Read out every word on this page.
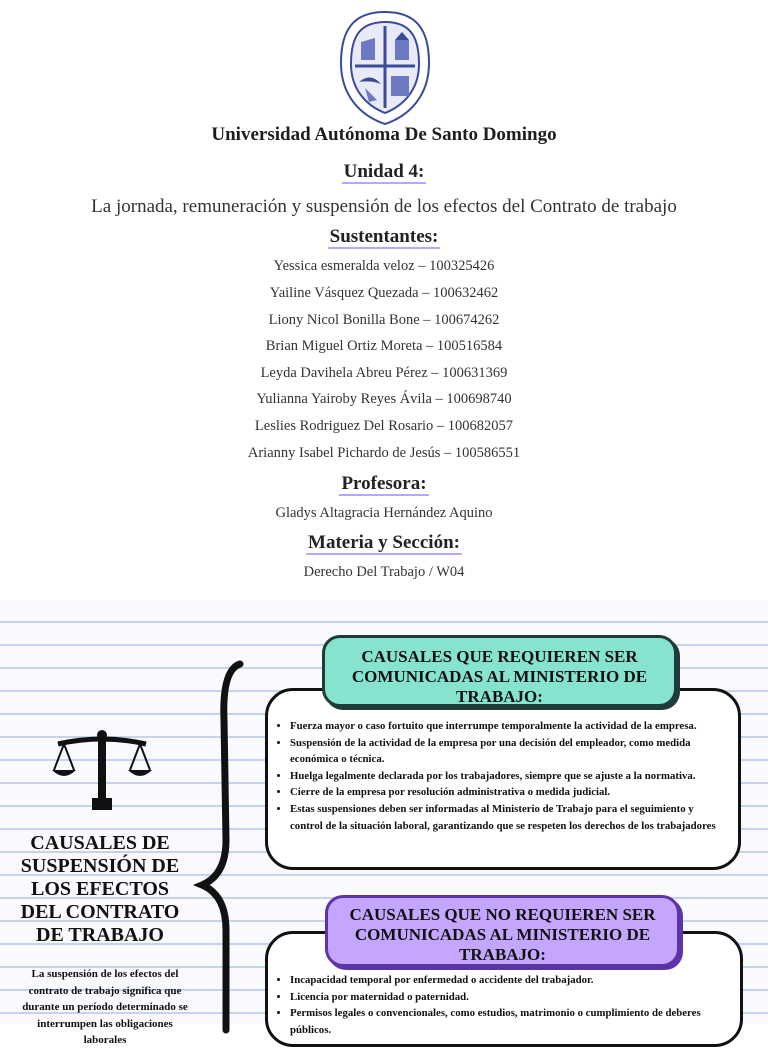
Universidad Autónoma De Santo Domingo
Unidad 4:
La jornada, remuneración y suspensión de los efectos del Contrato de trabajo
Sustentantes:
Yessica esmeralda veloz – 100325426
Yailine Vásquez Quezada – 100632462
Liony Nicol Bonilla Bone – 100674262
Brian Miguel Ortiz Moreta – 100516584
Leyda Davihela Abreu Pérez – 100631369
Yulianna Yairoby Reyes Ávila – 100698740
Leslies Rodriguez Del Rosario – 100682057
Arianny Isabel Pichardo de Jesús – 100586551
Profesora:
Gladys Altagracia Hernández Aquino
Materia y Sección:
Derecho Del Trabajo / W04
CAUSALES DE SUSPENSIÓN DE LOS EFECTOS DEL CONTRATO DE TRABAJO
La suspensión de los efectos del contrato de trabajo significa que durante un período determinado se interrumpen las obligaciones laborales
• Fuerza mayor o caso fortuito que interrumpe temporalmente la actividad de la empresa.
• Suspensión de la actividad de la empresa por una decisión del empleador, como medida económica o técnica.
• Huelga legalmente declarada por los trabajadores, siempre que se ajuste a la normativa.
• Cierre de la empresa por resolución administrativa o medida judicial.
• Estas suspensiones deben ser informadas al Ministerio de Trabajo para el seguimiento y control de la situación laboral, garantizando que se respeten los derechos de los trabajadores
CAUSALES QUE REQUIEREN SER COMUNICADAS AL MINISTERIO DE TRABAJO:
• Incapacidad temporal por enfermedad o accidente del trabajador.
• Licencia por maternidad o paternidad.
• Permisos legales o convencionales, como estudios, matrimonio o cumplimiento de deberes públicos.
CAUSALES QUE NO REQUIEREN SER COMUNICADAS AL MINISTERIO DE TRABAJO:
